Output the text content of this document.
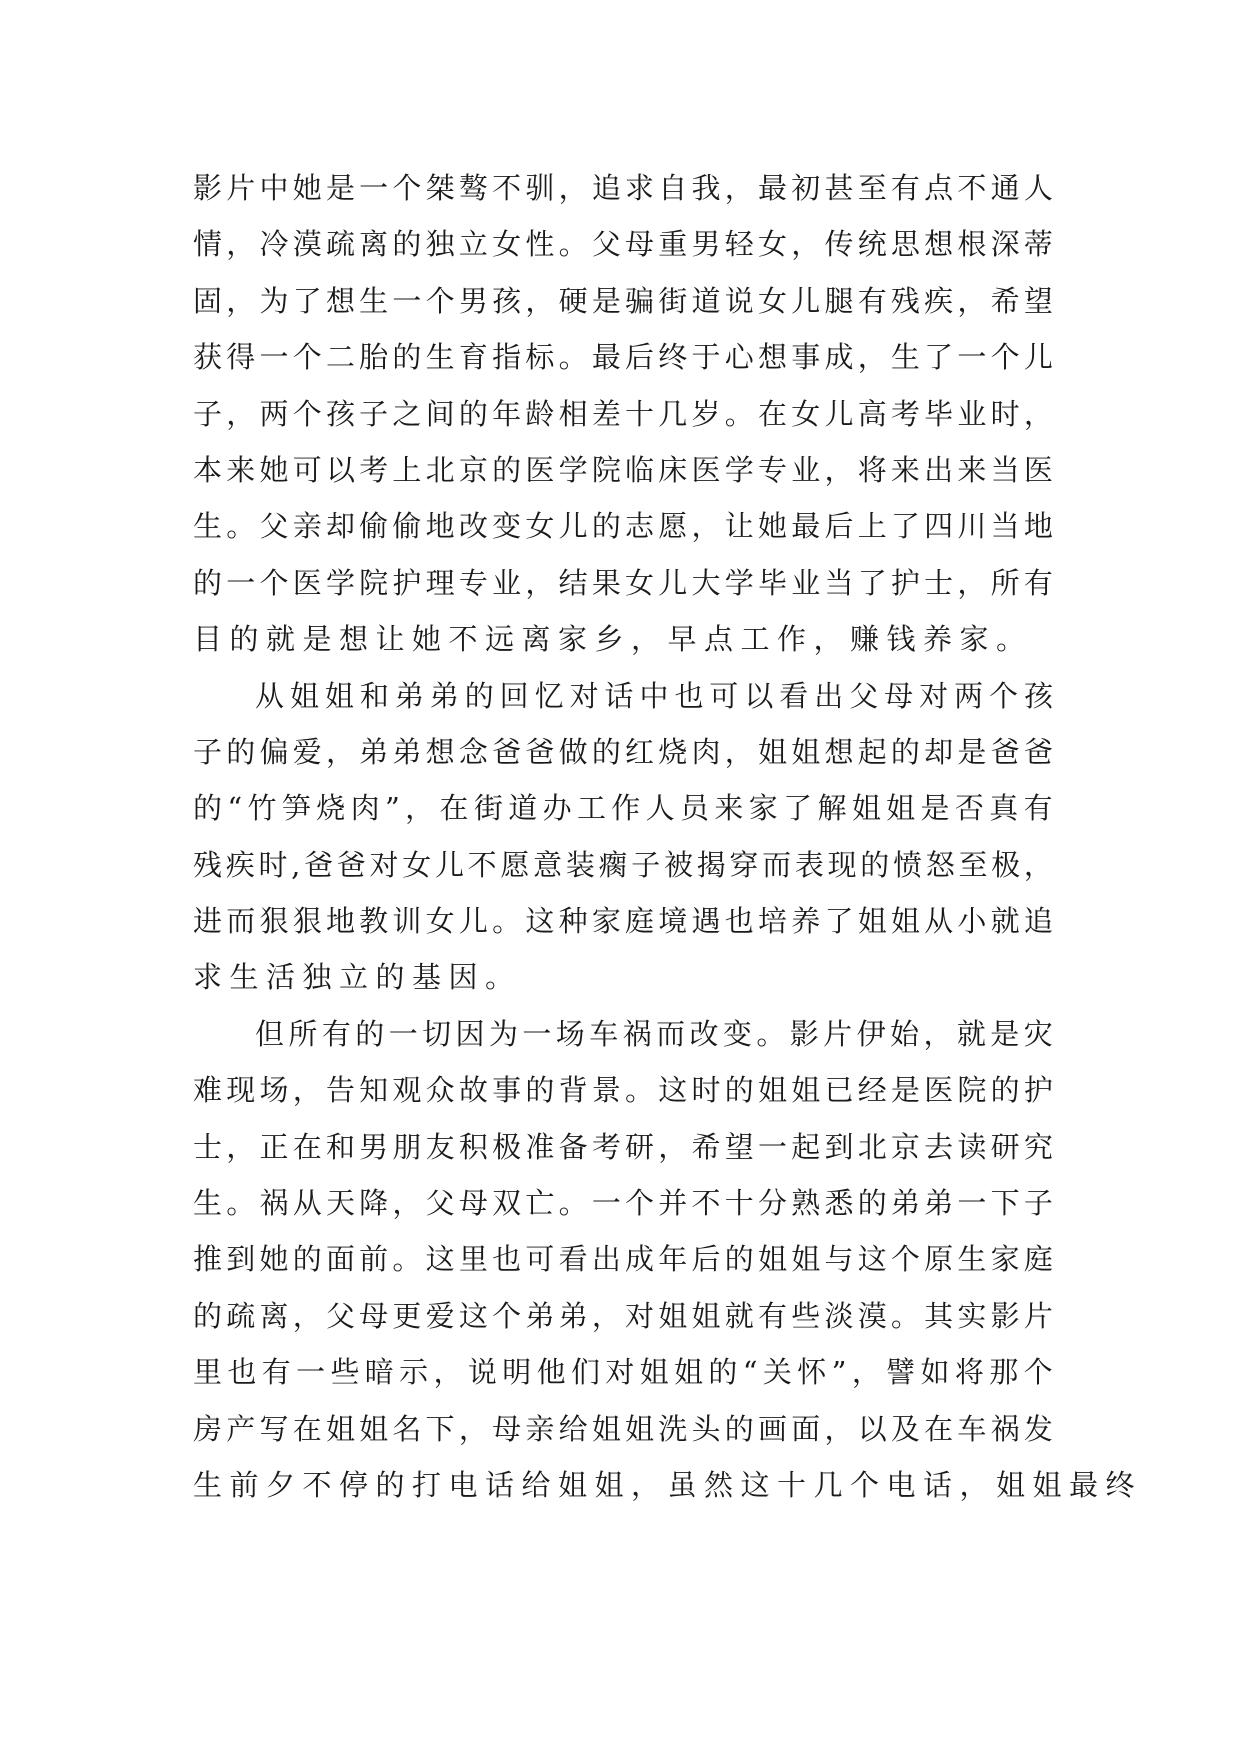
影 片 中 她 是 一 个 桀 骜 不 驯 ， 追 求 自 我 ， 最 初 甚 至 有 点 不 通 人
情 ， 冷 漠 疏 离 的 独 立 女 性 。 父 母 重 男 轻 女 ， 传 统 思 想 根 深 蒂
固 ， 为 了 想 生 一 个 男 孩 ， 硬 是 骗 街 道 说 女 儿 腿 有 残 疾 ， 希 望
获 得 一 个 二 胎 的 生 育 指 标 。 最 后 终 于 心 想 事 成 ， 生 了 一 个 儿
子 ， 两 个 孩 子 之 间 的 年 龄 相 差 十 几 岁 。 在 女 儿 高 考 毕 业 时 ，
本 来 她 可 以 考 上 北 京 的 医 学 院 临 床 医 学 专 业 ， 将 来 出 来 当 医
生 。 父 亲 却 偷 偷 地 改 变 女 儿 的 志 愿 ， 让 她 最 后 上 了 四 川 当 地
的 一 个 医 学 院 护 理 专 业 ， 结 果 女 儿 大 学 毕 业 当 了 护 士 ， 所 有
目的就是想让她不远离家乡，早点工作，赚钱养家。
从 姐 姐 和 弟 弟 的 回 忆 对 话 中 也 可 以 看 出 父 母 对 两 个 孩
子 的 偏 爱 ， 弟 弟 想 念 爸 爸 做 的 红 烧 肉 ， 姐 姐 想 起 的 却 是 爸 爸
的 “ 竹 笋 烧 肉 ” ， 在 街 道 办 工 作 人 员 来 家 了 解 姐 姐 是 否 真 有
残 疾 时 , 爸 爸 对 女 儿 不 愿 意 装 瘸 子 被 揭 穿 而 表 现 的 愤 怒 至 极 ，
进 而 狠 狠 地 教 训 女 儿 。 这 种 家 庭 境 遇 也 培 养 了 姐 姐 从 小 就 追
求生活独立的基因。
但 所 有 的 一 切 因 为 一 场 车 祸 而 改 变 。 影 片 伊 始 ， 就 是 灾
难 现 场 ， 告 知 观 众 故 事 的 背 景 。 这 时 的 姐 姐 已 经 是 医 院 的 护
士 ， 正 在 和 男 朋 友 积 极 准 备 考 研 ， 希 望 一 起 到 北 京 去 读 研 究
生 。 祸 从 天 降 ， 父 母 双 亡 。 一 个 并 不 十 分 熟 悉 的 弟 弟 一 下 子
推 到 她 的 面 前 。 这 里 也 可 看 出 成 年 后 的 姐 姐 与 这 个 原 生 家 庭
的 疏 离 ， 父 母 更 爱 这 个 弟 弟 ， 对 姐 姐 就 有 些 淡 漠 。 其 实 影 片
里 也 有 一 些 暗 示 ， 说 明 他 们 对 姐 姐 的 “ 关 怀 ” ， 譬 如 将 那 个
房 产 写 在 姐 姐 名 下 ， 母 亲 给 姐 姐 洗 头 的 画 面 ， 以 及 在 车 祸 发
生前夕不停的打电话给姐姐，虽然这十几个电话，姐姐最终
